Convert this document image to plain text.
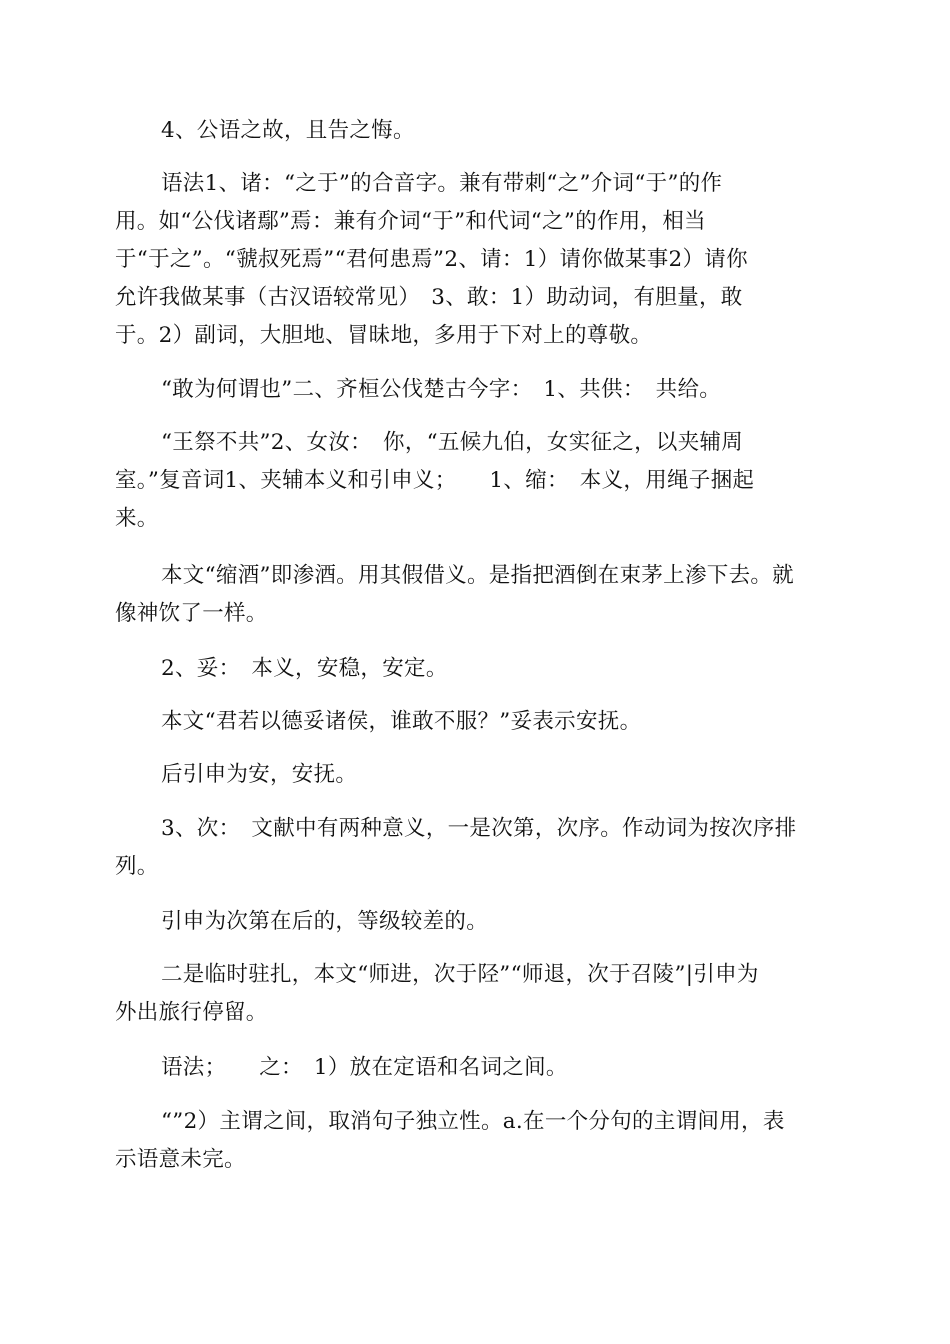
4、公语之故，且告之悔。
语法1、诸：“之于”的合音字。兼有带刺“之”介词“于”的作
用。如“公伐诸鄢”焉：兼有介词“于”和代词“之”的作用，相当
于“于之”。“虢叔死焉”“君何患焉”2、请：1）请你做某事2）请你
允许我做某事（古汉语较常见）　3、敢：1）助动词，有胆量，敢
于。2）副词，大胆地、冒昧地，多用于下对上的尊敬。
“敢为何谓也”二、齐桓公伐楚古今字：　1、共供：　共给。
“王祭不共”2、女汝：　你，“五候九伯，女实征之，以夹辅周
室。”复音词1、夹辅本义和引申义；　　1、缩：　本义，用绳子捆起
来。
本文“缩酒”即渗酒。用其假借义。是指把酒倒在束茅上渗下去。就
像神饮了一样。
2、妥：　本义，安稳，安定。
本文“君若以德妥诸侯，谁敢不服？”妥表示安抚。
后引申为安，安抚。
3、次：　文献中有两种意义，一是次第，次序。作动词为按次序排
列。
引申为次第在后的，等级较差的。
二是临时驻扎，本文“师进，次于陉”“师退，次于召陵”|引申为
外出旅行停留。
语法；　　之：　1）放在定语和名词之间。
“”2）主谓之间，取消句子独立性。a.在一个分句的主谓间用，表
示语意未完。
